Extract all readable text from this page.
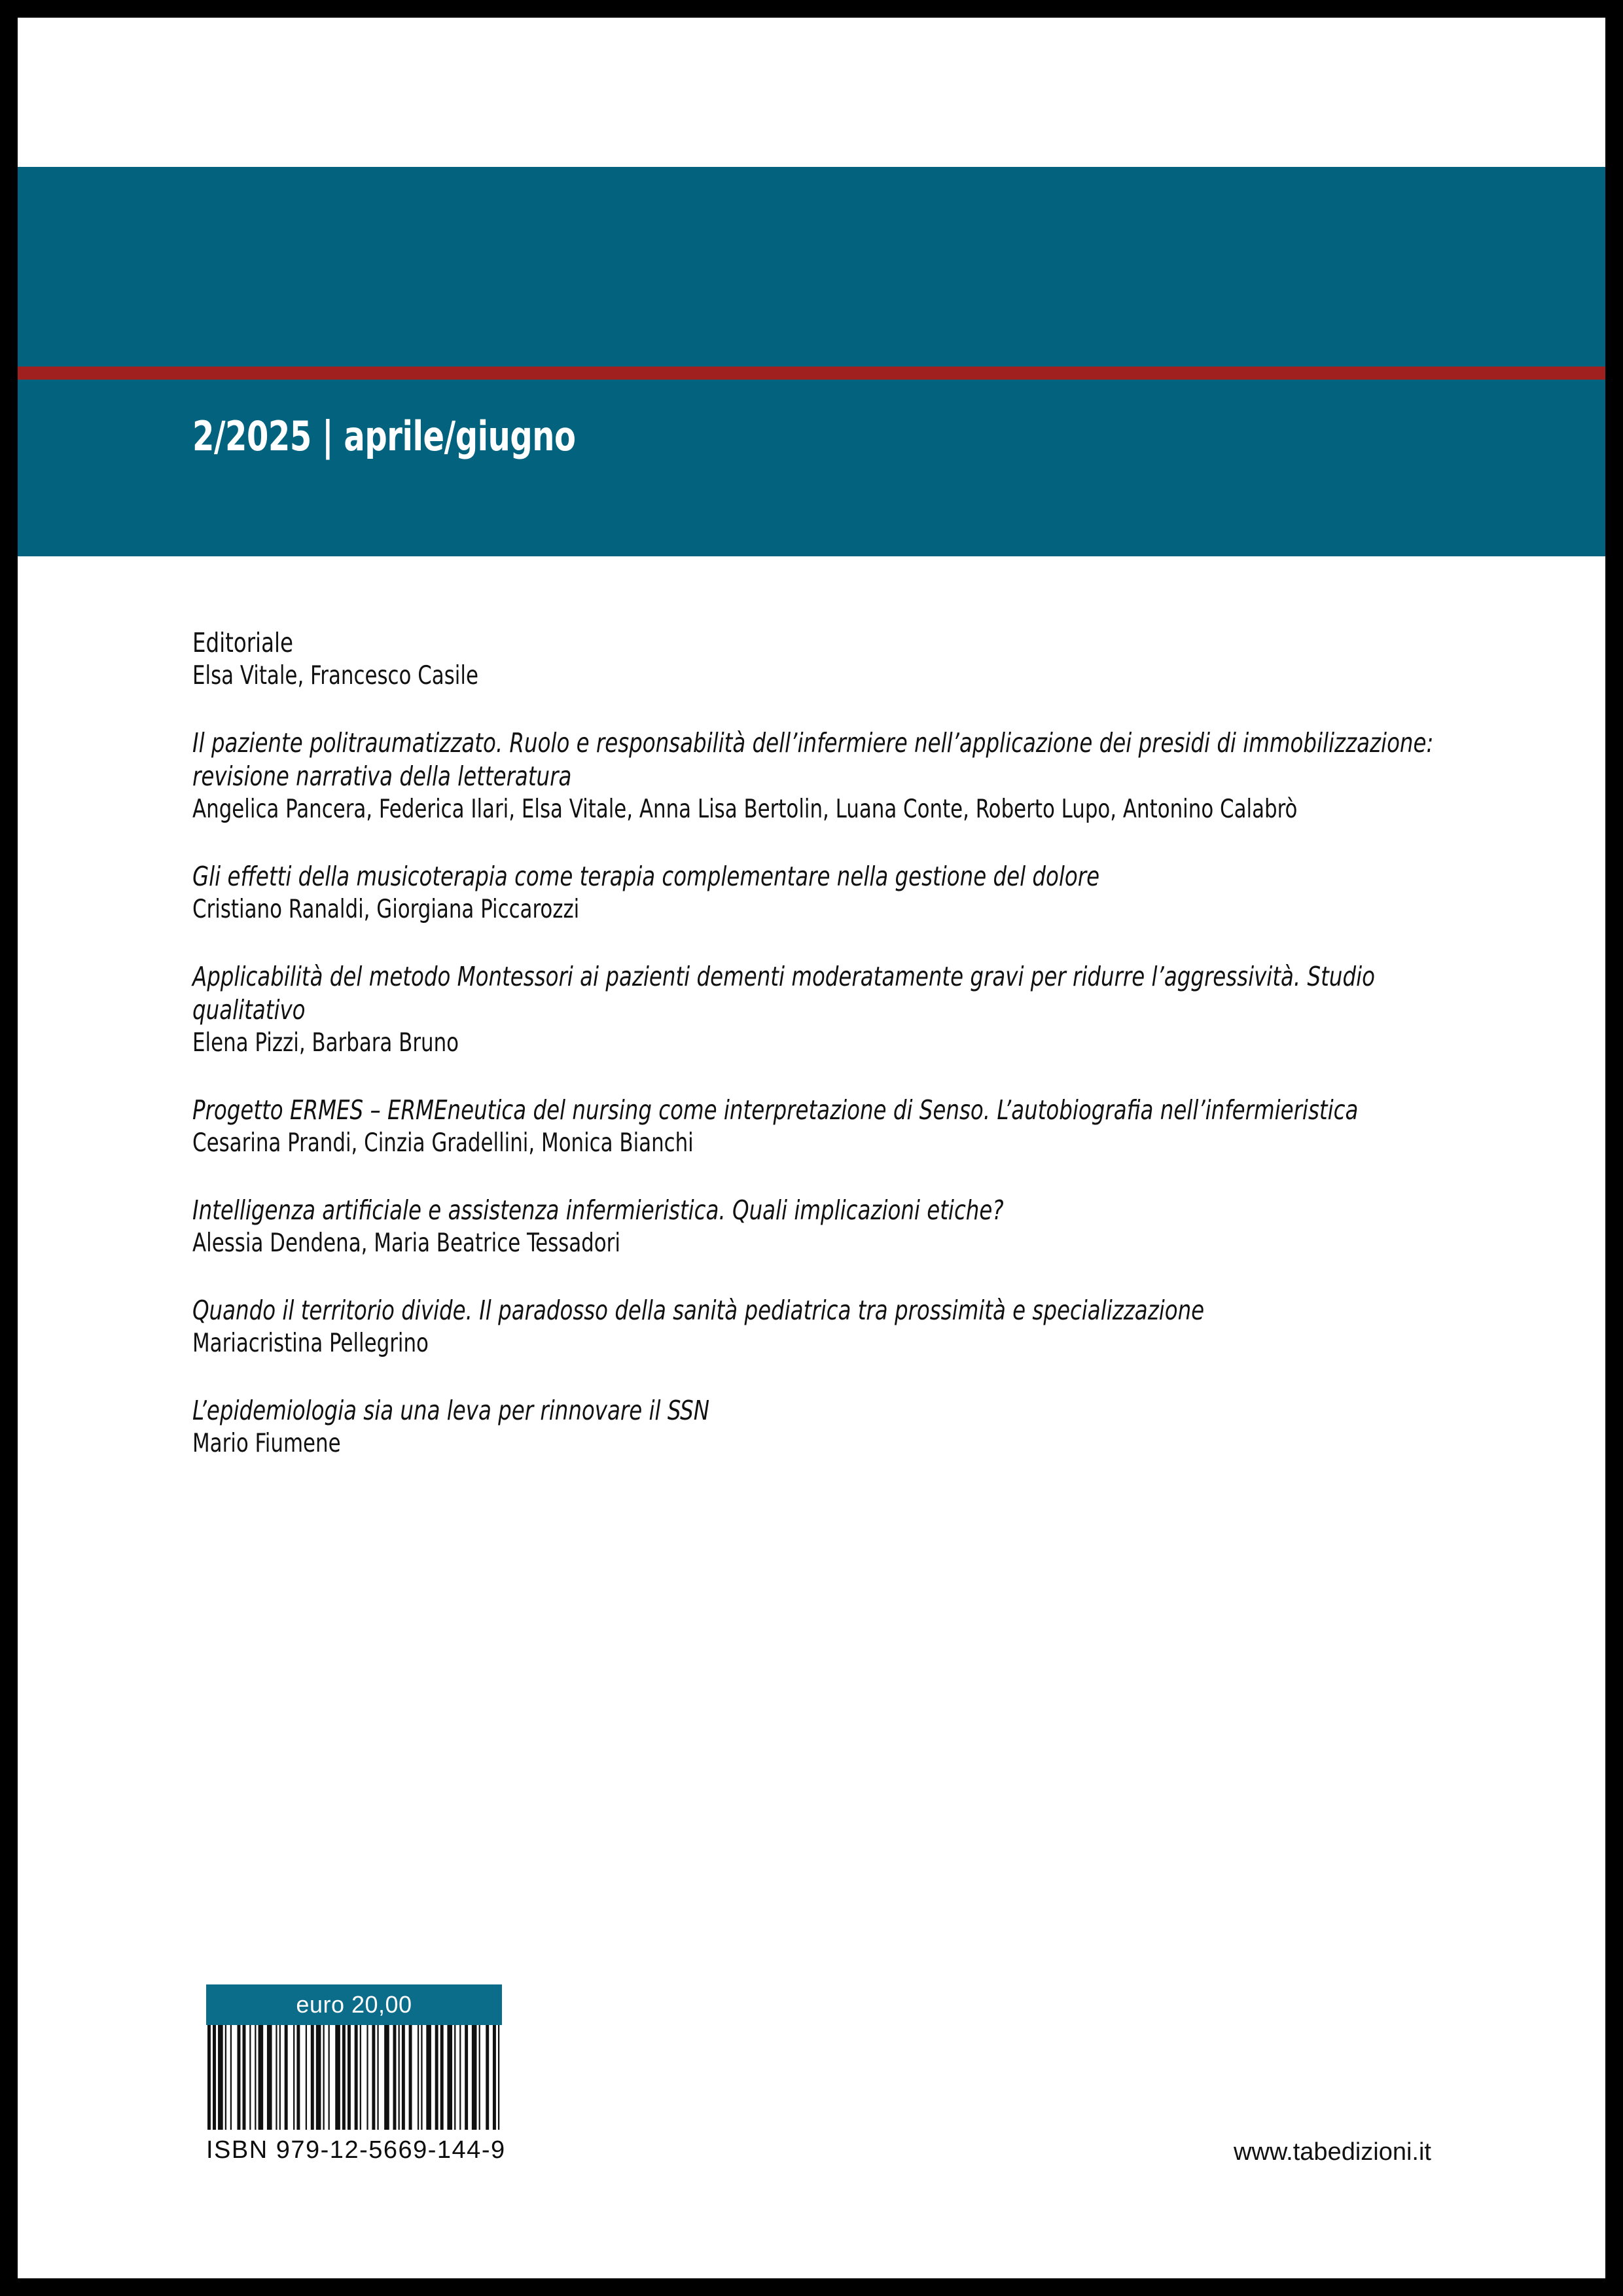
2/2025 | aprile/giugno
Editoriale
Elsa Vitale, Francesco Casile
Il paziente politraumatizzato. Ruolo e responsabilità dell’infermiere nell’applicazione dei presidi di immobilizzazione: revisione narrativa della letteratura
Angelica Pancera, Federica Ilari, Elsa Vitale, Anna Lisa Bertolin, Luana Conte, Roberto Lupo, Antonino Calabrò
Gli effetti della musicoterapia come terapia complementare nella gestione del dolore
Cristiano Ranaldi, Giorgiana Piccarozzi
Applicabilità del metodo Montessori ai pazienti dementi moderatamente gravi per ridurre l’aggressività. Studio qualitativo
Elena Pizzi, Barbara Bruno
Progetto ERMES – ERMEneutica del nursing come interpretazione di Senso. L’autobiografia nell’infermieristica
Cesarina Prandi, Cinzia Gradellini, Monica Bianchi
Intelligenza artificiale e assistenza infermieristica. Quali implicazioni etiche?
Alessia Dendena, Maria Beatrice Tessadori
Quando il territorio divide. Il paradosso della sanità pediatrica tra prossimità e specializzazione
Mariacristina Pellegrino
L’epidemiologia sia una leva per rinnovare il SSN
Mario Fiumene
euro 20,00
ISBN 979-12-5669-144-9	www.tabedizioni.it
